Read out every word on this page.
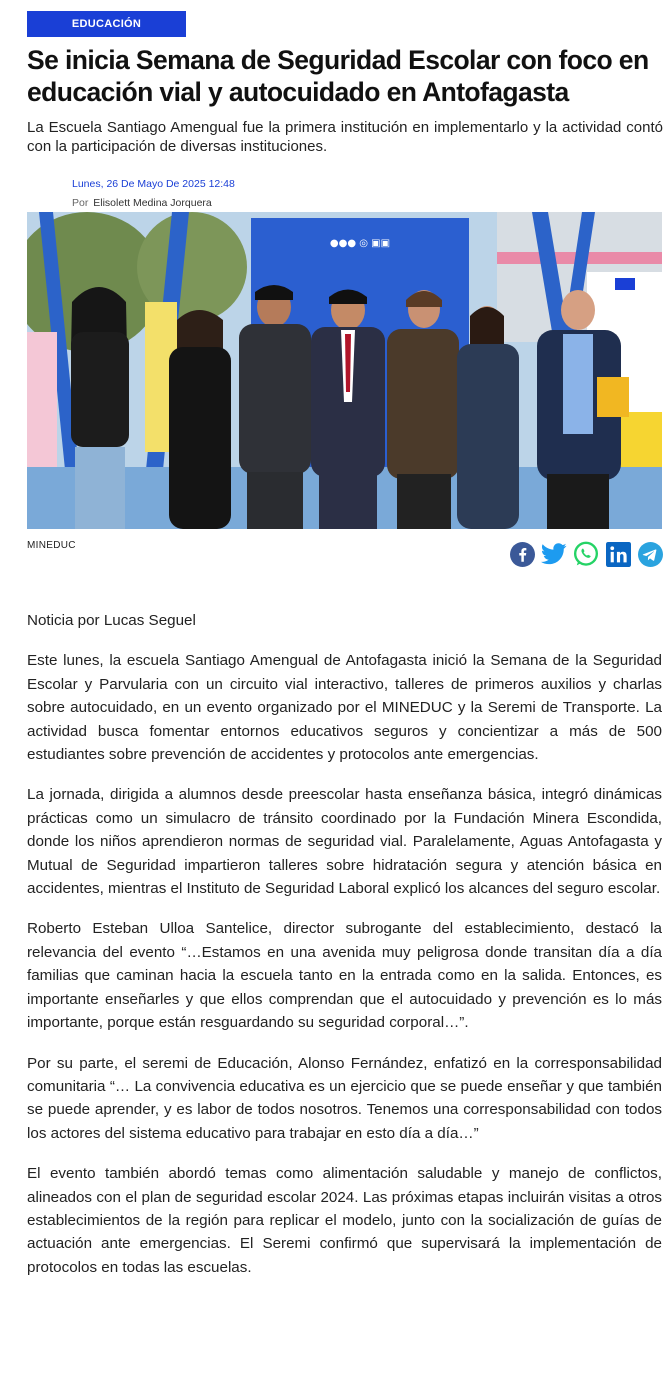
EDUCACIÓN
Se inicia Semana de Seguridad Escolar con foco en educación vial y autocuidado en Antofagasta

La Escuela Santiago Amengual fue la primera institución en implementarlo y la actividad contó con la participación de diversas instituciones.

Lunes, 26 De Mayo De 2025 12:48
Por Elisolett Medina Jorquera
●●● ◎ ▣▣
MINEDUC

Noticia por Lucas Seguel

Este lunes, la escuela Santiago Amengual de Antofagasta inició la Semana de la Seguridad Escolar y Parvularia con un circuito vial interactivo, talleres de primeros auxilios y charlas sobre autocuidado, en un evento organizado por el MINEDUC y la Seremi de Transporte. La actividad busca fomentar entornos educativos seguros y concientizar a más de 500 estudiantes sobre prevención de accidentes y protocolos ante emergencias.

La jornada, dirigida a alumnos desde preescolar hasta enseñanza básica, integró dinámicas prácticas como un simulacro de tránsito coordinado por la Fundación Minera Escondida, donde los niños aprendieron normas de seguridad vial. Paralelamente, Aguas Antofagasta y Mutual de Seguridad impartieron talleres sobre hidratación segura y atención básica en accidentes, mientras el Instituto de Seguridad Laboral explicó los alcances del seguro escolar.

Roberto Esteban Ulloa Santelice, director subrogante del establecimiento, destacó la relevancia del evento “…Estamos en una avenida muy peligrosa donde transitan día a día familias que caminan hacia la escuela tanto en la entrada como en la salida. Entonces, es importante enseñarles y que ellos comprendan que el autocuidado y prevención es lo más importante, porque están resguardando su seguridad corporal…”.

Por su parte, el seremi de Educación, Alonso Fernández, enfatizó en la corresponsabilidad comunitaria “… La convivencia educativa es un ejercicio que se puede enseñar y que también se puede aprender, y es labor de todos nosotros. Tenemos una corresponsabilidad con todos los actores del sistema educativo para trabajar en esto día a día…”

El evento también abordó temas como alimentación saludable y manejo de conflictos, alineados con el plan de seguridad escolar 2024. Las próximas etapas incluirán visitas a otros establecimientos de la región para replicar el modelo, junto con la socialización de guías de actuación ante emergencias. El Seremi confirmó que supervisará la implementación de protocolos en todas las escuelas.
